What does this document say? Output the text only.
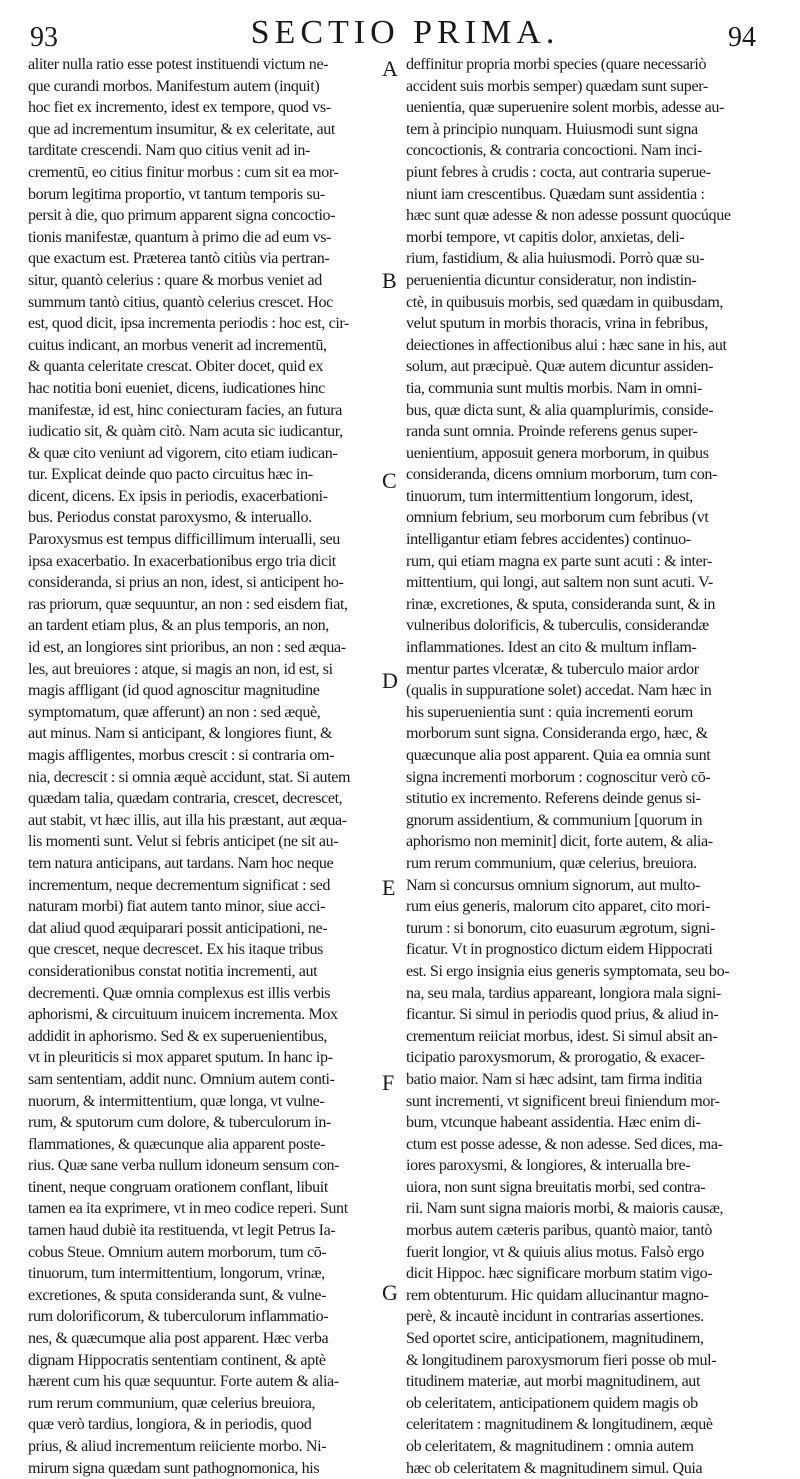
93	SECTIO PRIMA.	94

aliter nulla ratio esse potest instituendi victum ne-

que curandi morbos. Manifestum autem (inquit)

hoc fiet ex incremento, idest ex tempore, quod vs-

que ad incrementum insumitur, & ex celeritate, aut

tarditate crescendi. Nam quo citius venit ad in-

crementū, eo citius finitur morbus : cum sit ea mor-

borum legitima proportio, vt tantum temporis su-

persit à die, quo primum apparent signa concoctio-

tionis manifestæ, quantum à primo die ad eum vs-

que exactum est. Præterea tantò citiùs via pertran-

situr, quantò celerius : quare & morbus veniet ad

summum tantò citius, quantò celerius crescet. Hoc

est, quod dicit, ipsa incrementa periodis : hoc est, cir-

cuitus indicant, an morbus venerit ad incrementū,

& quanta celeritate crescat. Obiter docet, quid ex

hac notitia boni eueniet, dicens, iudicationes hinc

manifestæ, id est, hinc coniecturam facies, an futura

iudicatio sit, & quàm citò. Nam acuta sic iudicantur,

& quæ cito veniunt ad vigorem, cito etiam iudican-

tur. Explicat deinde quo pacto circuitus hæc in-

dicent, dicens. Ex ipsis in periodis, exacerbationi-

bus. Periodus constat paroxysmo, & interuallo.

Paroxysmus est tempus difficillimum interualli, seu

ipsa exacerbatio. In exacerbationibus ergo tria dicit

consideranda, si prius an non, idest, si anticipent ho-

ras priorum, quæ sequuntur, an non : sed eisdem fiat,

an tardent etiam plus, & an plus temporis, an non,

id est, an longiores sint prioribus, an non : sed æqua-

les, aut breuiores : atque, si magis an non, id est, si

magis affligant (id quod agnoscitur magnitudine

symptomatum, quæ afferunt) an non : sed æquè,

aut minus. Nam si anticipant, & longiores fiunt, &

magis affligentes, morbus crescit : si contraria om-

nia, decrescit : si omnia æquè accidunt, stat. Si autem

quædam talia, quædam contraria, crescet, decrescet,

aut stabit, vt hæc illis, aut illa his præstant, aut æqua-

lis momenti sunt. Velut si febris anticipet (ne sit au-

tem natura anticipans, aut tardans. Nam hoc neque

incrementum, neque decrementum significat : sed

naturam morbi) fiat autem tanto minor, siue acci-

dat aliud quod æquiparari possit anticipationi, ne-

que crescet, neque decrescet. Ex his itaque tribus

considerationibus constat notitia incrementi, aut

decrementi. Quæ omnia complexus est illis verbis

aphorismi, & circuituum inuicem incrementa. Mox

addidit in aphorismo. Sed & ex superuenientibus,

vt in pleuriticis si mox apparet sputum. In hanc ip-

sam sententiam, addit nunc. Omnium autem conti-

nuorum, & intermittentium, quæ longa, vt vulne-

rum, & sputorum cum dolore, & tuberculorum in-

flammationes, & quæcunque alia apparent poste-

rius. Quæ sane verba nullum idoneum sensum con-

tinent, neque congruam orationem conflant, libuit

tamen ea ita exprimere, vt in meo codice reperi. Sunt

tamen haud dubiè ita restituenda, vt legit Petrus Ia-

cobus Steue. Omnium autem morborum, tum cō-

tinuorum, tum intermittentium, longorum, vrinæ,

excretiones, & sputa consideranda sunt, & vulne-

rum dolorificorum, & tuberculorum inflammatio-

nes, & quæcumque alia post apparent. Hæc verba

dignam Hippocratis sententiam continent, & aptè

hærent cum his quæ sequuntur. Forte autem & alia-

rum rerum communium, quæ celerius breuiora,

quæ verò tardius, longiora, & in periodis, quod

prius, & aliud incrementum reiiciente morbo. Ni-

mirum signa quædam sunt pathognomonica, his

deffinitur propria morbi species (quare necessariò

accident suis morbis semper) quædam sunt super-

uenientia, quæ superuenire solent morbis, adesse au-

tem à principio nunquam. Huiusmodi sunt signa

concoctionis, & contraria concoctioni. Nam inci-

piunt febres à crudis : cocta, aut contraria superue-

niunt iam crescentibus. Quædam sunt assidentia :

hæc sunt quæ adesse & non adesse possunt quocúque

morbi tempore, vt capitis dolor, anxietas, deli-

rium, fastidium, & alia huiusmodi. Porrò quæ su-

peruenientia dicuntur consideratur, non indistin-

ctè, in quibusuis morbis, sed quædam in quibusdam,

velut sputum in morbis thoracis, vrina in febribus,

deiectiones in affectionibus alui : hæc sane in his, aut

solum, aut præcipuè. Quæ autem dicuntur assiden-

tia, communia sunt multis morbis. Nam in omni-

bus, quæ dicta sunt, & alia quamplurimis, conside-

randa sunt omnia. Proinde referens genus super-

uenientium, apposuit genera morborum, in quibus

consideranda, dicens omnium morborum, tum con-

tinuorum, tum intermittentium longorum, idest,

omnium febrium, seu morborum cum febribus (vt

intelligantur etiam febres accidentes) continuo-

rum, qui etiam magna ex parte sunt acuti : & inter-

mittentium, qui longi, aut saltem non sunt acuti. V-

rinæ, excretiones, & sputa, consideranda sunt, & in

vulneribus dolorificis, & tuberculis, considerandæ

inflammationes. Idest an cito & multum inflam-

mentur partes vlceratæ, & tuberculo maior ardor

(qualis in suppuratione solet) accedat. Nam hæc in

his superuenientia sunt : quia incrementi eorum

morborum sunt signa. Consideranda ergo, hæc, &

quæcunque alia post apparent. Quia ea omnia sunt

signa incrementi morborum : cognoscitur verò cō-

stitutio ex incremento. Referens deinde genus si-

gnorum assidentium, & communium [quorum in

aphorismo non meminit] dicit, forte autem, & alia-

rum rerum communium, quæ celerius, breuiora.

Nam si concursus omnium signorum, aut multo-

rum eius generis, malorum cito apparet, cito mori-

turum : si bonorum, cito euasurum ægrotum, signi-

ficatur. Vt in prognostico dictum eidem Hippocrati

est. Si ergo insignia eius generis symptomata, seu bo-

na, seu mala, tardius appareant, longiora mala signi-

ficantur. Si simul in periodis quod prius, & aliud in-

crementum reiiciat morbus, idest. Si simul absit an-

ticipatio paroxysmorum, & prorogatio, & exacer-

batio maior. Nam si hæc adsint, tam firma inditia

sunt incrementi, vt significent breui finiendum mor-

bum, vtcunque habeant assidentia. Hæc enim di-

ctum est posse adesse, & non adesse. Sed dices, ma-

iores paroxysmi, & longiores, & interualla bre-

uiora, non sunt signa breuitatis morbi, sed contra-

rii. Nam sunt signa maioris morbi, & maioris causæ,

morbus autem cæteris paribus, quantò maior, tantò

fuerit longior, vt & quiuis alius motus. Falsò ergo

dicit Hippoc. hæc significare morbum statim vigo-

rem obtenturum. Hic quidam allucinantur magno-

perè, & incautè incidunt in contrarias assertiones.

Sed oportet scire, anticipationem, magnitudinem,

& longitudinem paroxysmorum fieri posse ob mul-

titudinem materiæ, aut morbi magnitudinem, aut

ob celeritatem, anticipationem quidem magis ob

celeritatem : magnitudinem & longitudinem, æquè

ob celeritatem, & magnitudinem : omnia autem

hæc ob celeritatem & magnitudinem simul. Quia

A
B
C
D
E
F
G
